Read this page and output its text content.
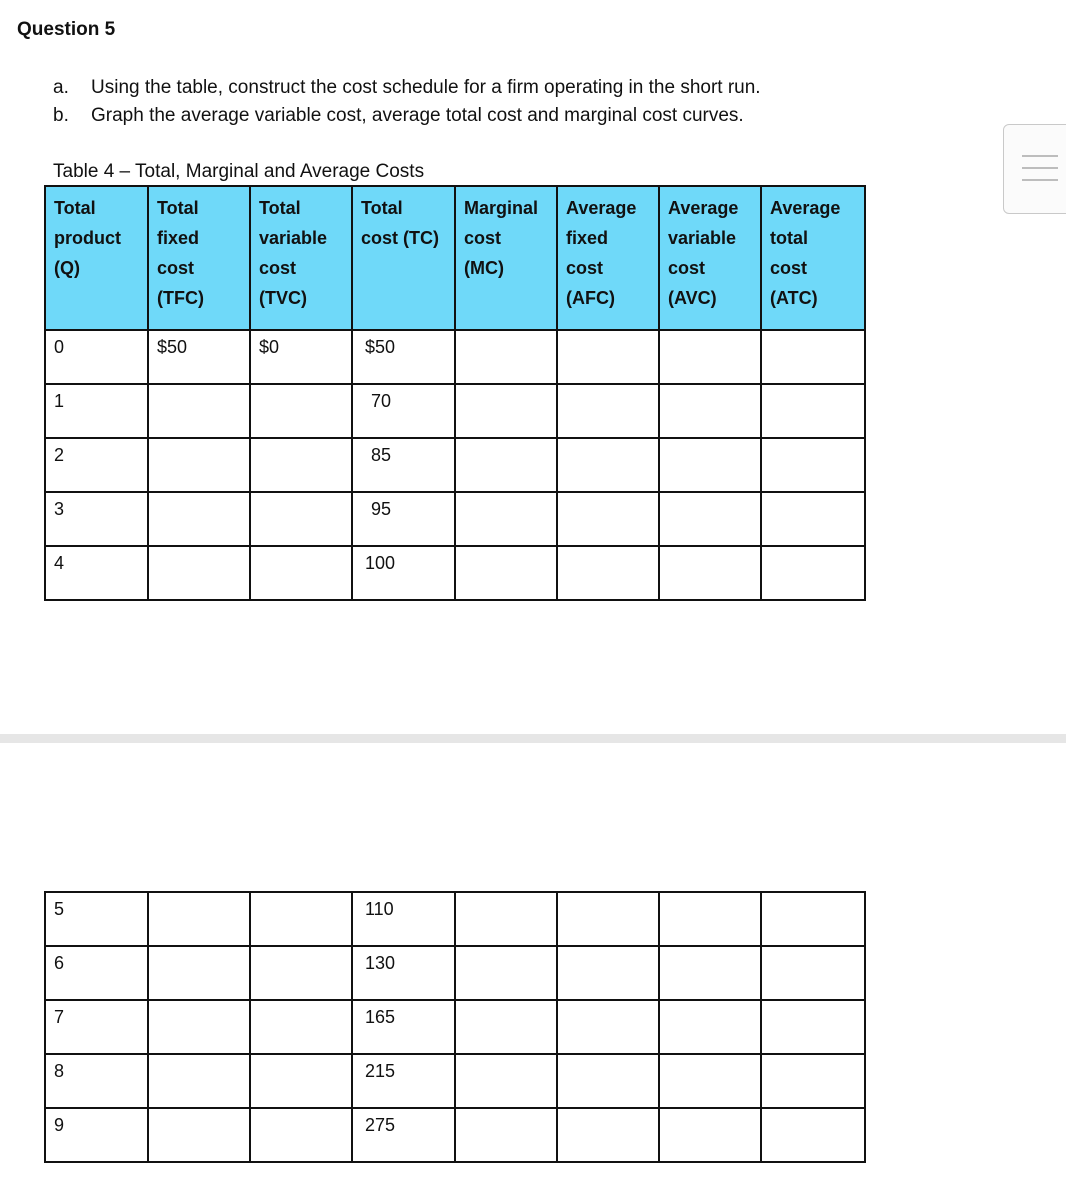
Question 5
a. Using the table, construct the cost schedule for a firm operating in the short run.
b. Graph the average variable cost, average total cost and marginal cost curves.
Table 4 – Total, Marginal and Average Costs
Total
product
(Q)	Total
fixed
cost
(TFC)	Total
variable
cost
(TVC)	Total
cost (TC)	Marginal
cost
(MC)	Average
fixed
cost
(AFC)	Average
variable
cost
(AVC)	Average
total
cost
(ATC)

0	$50	$0	$50				
1			70				
2			85				
3			95				
4			100				
5			110				
6			130				
7			165				
8			215				
9			275				
